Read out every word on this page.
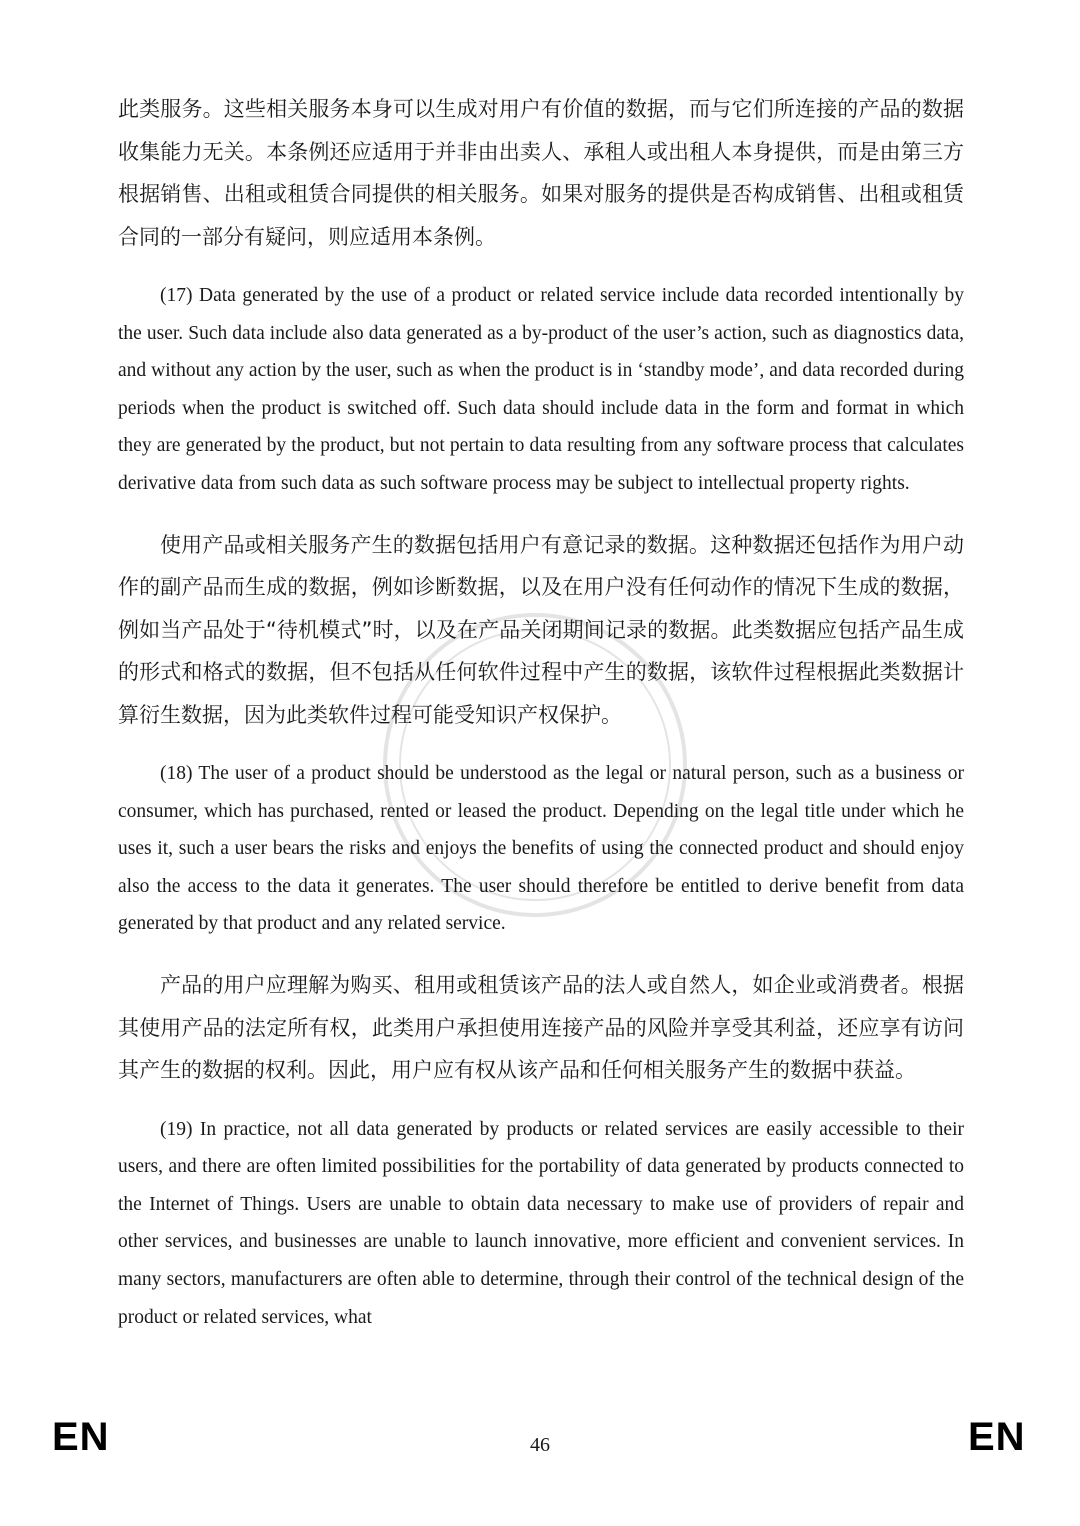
此类服务。这些相关服务本身可以生成对用户有价值的数据，而与它们所连接的产品的数据收集能力无关。本条例还应适用于并非由出卖人、承租人或出租人本身提供，而是由第三方根据销售、出租或租赁合同提供的相关服务。如果对服务的提供是否构成销售、出租或租赁合同的一部分有疑问，则应适用本条例。

(17) Data generated by the use of a product or related service include data recorded intentionally by the user. Such data include also data generated as a by-product of the user’s action, such as diagnostics data, and without any action by the user, such as when the product is in ‘standby mode’, and data recorded during periods when the product is switched off. Such data should include data in the form and format in which they are generated by the product, but not pertain to data resulting from any software process that calculates derivative data from such data as such software process may be subject to intellectual property rights.

使用产品或相关服务产生的数据包括用户有意记录的数据。这种数据还包括作为用户动作的副产品而生成的数据，例如诊断数据，以及在用户没有任何动作的情况下生成的数据，例如当产品处于“待机模式”时，以及在产品关闭期间记录的数据。此类数据应包括产品生成的形式和格式的数据，但不包括从任何软件过程中产生的数据，该软件过程根据此类数据计算衍生数据，因为此类软件过程可能受知识产权保护。

(18) The user of a product should be understood as the legal or natural person, such as a business or consumer, which has purchased, rented or leased the product. Depending on the legal title under which he uses it, such a user bears the risks and enjoys the benefits of using the connected product and should enjoy also the access to the data it generates. The user should therefore be entitled to derive benefit from data generated by that product and any related service.

产品的用户应理解为购买、租用或租赁该产品的法人或自然人，如企业或消费者。根据其使用产品的法定所有权，此类用户承担使用连接产品的风险并享受其利益，还应享有访问其产生的数据的权利。因此，用户应有权从该产品和任何相关服务产生的数据中获益。

(19) In practice, not all data generated by products or related services are easily accessible to their users, and there are often limited possibilities for the portability of data generated by products connected to the Internet of Things. Users are unable to obtain data necessary to make use of providers of repair and other services, and businesses are unable to launch innovative, more efficient and convenient services. In many sectors, manufacturers are often able to determine, through their control of the technical design of the product or related services, what

EN	46	EN
